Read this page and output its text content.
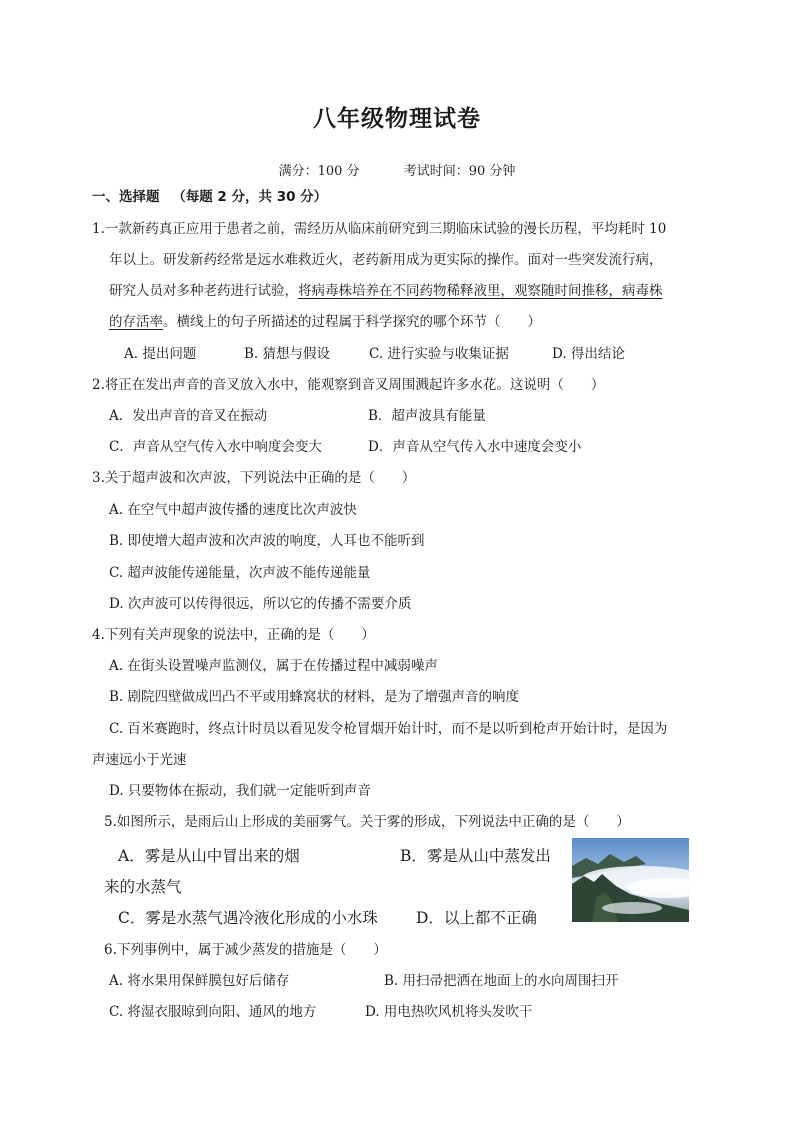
八年级物理试卷
满分：100 分	考试时间：90 分钟
一、选择题 （每题 2 分，共 30 分）
1.一款新药真正应用于患者之前，需经历从临床前研究到三期临床试验的漫长历程，平均耗时 10
年以上。研发新药经常是远水难救近火，老药新用成为更实际的操作。面对一些突发流行病，
研究人员对多种老药进行试验，将病毒株培养在不同药物稀释液里，观察随时间推移，病毒株
的存活率。横线上的句子所描述的过程属于科学探究的哪个环节（　　）
A. 提出问题	B. 猜想与假设	C. 进行实验与收集证据	D. 得出结论
2.将正在发出声音的音叉放入水中，能观察到音叉周围溅起许多水花。这说明（　　）
A．发出声音的音叉在振动	B．超声波具有能量
C．声音从空气传入水中响度会变大	D．声音从空气传入水中速度会变小
3.关于超声波和次声波，下列说法中正确的是（　　）
A. 在空气中超声波传播的速度比次声波快
B. 即使增大超声波和次声波的响度，人耳也不能听到
C. 超声波能传递能量，次声波不能传递能量
D. 次声波可以传得很远，所以它的传播不需要介质
4.下列有关声现象的说法中，正确的是（　　）
A. 在街头设置噪声监测仪，属于在传播过程中减弱噪声
B. 剧院四壁做成凹凸不平或用蜂窝状的材料，是为了增强声音的响度
C. 百米赛跑时，终点计时员以看见发令枪冒烟开始计时，而不是以听到枪声开始计时，是因为
声速远小于光速
D. 只要物体在振动，我们就一定能听到声音
5.如图所示，是雨后山上形成的美丽雾气。关于雾的形成，下列说法中正确的是（　　）
A．雾是从山中冒出来的烟	B．雾是从山中蒸发出
来的水蒸气
C．雾是水蒸气遇冷液化形成的小水珠 D．以上都不正确
6.下列事例中，属于减少蒸发的措施是（　　）
A. 将水果用保鲜膜包好后储存	B. 用扫帚把洒在地面上的水向周围扫开
C. 将湿衣服晾到向阳、通风的地方	D. 用电热吹风机将头发吹干
